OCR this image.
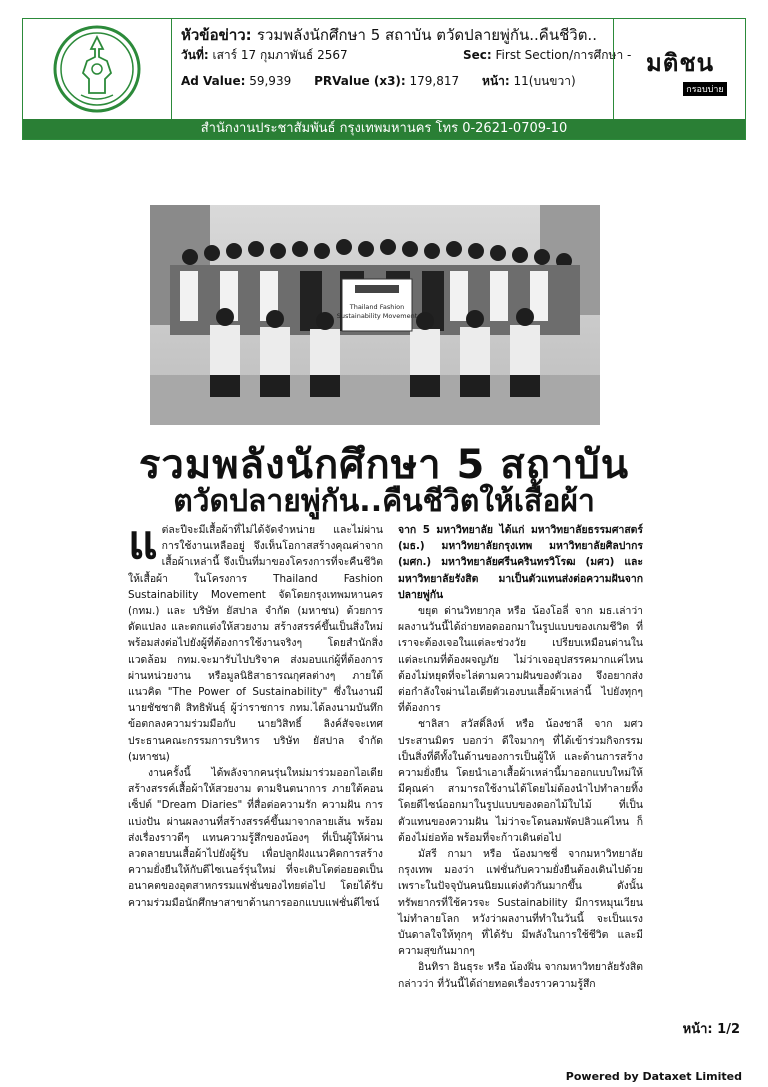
หัวข้อข่าว: รวมพลังนักศึกษา 5 สถาบัน ตวัดปลายพู่กัน..คืนชีวิต..
วันที่: เสาร์ 17 กุมภาพันธ์ 2567	Sec: First Section/การศึกษา -
Ad Value: 59,939 PRValue (x3): 179,817 หน้า: 11(บนขวา)
มติชน
กรอบบ่าย
สำนักงานประชาสัมพันธ์ กรุงเทพมหานคร โทร 0-2621-0709-10
Thailand Fashion
Sustainability Movement
รวมพลังนักศึกษา 5 สถาบัน
ตวัดปลายพู่กัน..คืนชีวิตให้เสื้อผ้า
แ ต่ละปีจะมีเสื้อผ้าที่ไม่ได้จัดจำหน่าย และไม่ผ่านการใช้งานเหลืออยู่ จึงเห็นโอกาสสร้างคุณค่าจากเสื้อผ้าเหล่านี้ จึงเป็นที่มาของโครงการที่จะคืนชีวิตให้เสื้อผ้า ในโครงการ Thailand Fashion Sustainability Movement จัดโดยกรุงเทพมหานคร (กทม.) และ บริษัท ยัสปาล จำกัด (มหาชน) ด้วยการดัดแปลง และตกแต่งให้สวยงาม สร้างสรรค์ขึ้นเป็นสิ่งใหม่ พร้อมส่งต่อไปยังผู้ที่ต้องการใช้งานจริงๆ โดยสำนักสิ่งแวดล้อม กทม.จะมารับไปบริจาค ส่งมอบแก่ผู้ที่ต้องการผ่านหน่วยงาน หรือมูลนิธิสาธารณกุศลต่างๆ ภายใต้แนวคิด "The Power of Sustainability" ซึ่งในงานมีนายชัชชาติ สิทธิพันธุ์ ผู้ว่าราชการ กทม.ได้ลงนามบันทึกข้อตกลงความร่วมมือกับ นายวิสิทธิ์ ลิงค์สัจจะเทศ ประธานคณะกรรมการบริหาร บริษัท ยัสปาล จำกัด (มหาชน)

งานครั้งนี้ ได้พลังจากคนรุ่นใหม่มาร่วมออกไอเดีย สร้างสรรค์เสื้อผ้าให้สวยงาม ตามจินตนาการ ภายใต้คอนเซ็ปต์ "Dream Diaries" ที่สื่อต่อความรัก ความฝัน การแบ่งปัน ผ่านผลงานที่สร้างสรรค์ขึ้นมาจากลายเส้น พร้อมส่งเรื่องราวดีๆ แทนความรู้สึกของน้องๆ ที่เป็นผู้ให้ผ่านลวดลายบนเสื้อผ้าไปยังผู้รับ เพื่อปลูกฝังแนวคิดการสร้างความยั่งยืนให้กับดีไซเนอร์รุ่นใหม่ ที่จะเติบโตต่อยอดเป็นอนาคตของอุตสาหกรรมแฟชั่นของไทยต่อไป โดยได้รับความร่วมมือนักศึกษาสาขาด้านการออกแบบแฟชั่นดีไซน์

จาก 5 มหาวิทยาลัย ได้แก่ มหาวิทยาลัยธรรมศาสตร์ (มธ.) มหาวิทยาลัยกรุงเทพ มหาวิทยาลัยศิลปากร (มศก.) มหาวิทยาลัยศรีนครินทรวิโรฒ (มศว) และมหาวิทยาลัยรังสิต มาเป็นตัวแทนส่งต่อความฝันจากปลายพู่กัน

ขยุต ด่านวิทยากุล หรือ น้องโอลี่ จาก มธ.เล่าว่า ผลงานวันนี้ได้ถ่ายทอดออกมาในรูปแบบของเกมชีวิต ที่เราจะต้องเจอในแต่ละช่วงวัย เปรียบเหมือนด่านในแต่ละเกมที่ต้องผจญภัย ไม่ว่าเจออุปสรรคมากแค่ไหน ต้องไม่หยุดที่จะไล่ตามความฝันของตัวเอง จึงอยากส่งต่อกำลังใจผ่านไอเดียตัวเองบนเสื้อผ้าเหล่านี้ ไปยังทุกๆ ที่ต้องการ

ชาลิสา สวัสดิ์ลิงห์ หรือ น้องชาลี จาก มศว ประสานมิตร บอกว่า ดีใจมากๆ ที่ได้เข้าร่วมกิจกรรม เป็นสิ่งที่ดีทั้งในด้านของการเป็นผู้ให้ และด้านการสร้างความยั่งยืน โดยนำเอาเสื้อผ้าเหล่านี้มาออกแบบใหม่ให้มีคุณค่า สามารถใช้งานได้โดยไม่ต้องนำไปทำลายทิ้ง โดยดีไซน์ออกมาในรูปแบบของดอกไม้ใบไม้ ที่เป็นตัวแทนของความฝัน ไม่ว่าจะโดนลมพัดปลิวแค่ไหน ก็ต้องไม่ย่อท้อ พร้อมที่จะก้าวเดินต่อไป

มัสรี กามา หรือ น้องมาซชี่ จากมหาวิทยาลัยกรุงเทพ มองว่า แฟชั่นกับความยั่งยืนต้องเดินไปด้วย เพราะในปัจจุบันคนนิยมแต่งตัวกันมากขึ้น ดังนั้น ทรัพยากรที่ใช้ควรจะ Sustainability มีการหมุนเวียน ไม่ทำลายโลก หวังว่าผลงานที่ทำในวันนี้ จะเป็นแรงบันดาลใจให้ทุกๆ ที่ได้รับ มีพลังในการใช้ชีวิต และมีความสุขกันมากๆ

อินทิรา อินธุระ หรือ น้องฝิ่น จากมหาวิทยาลัยรังสิต กล่าวว่า ที่วันนี้ได้ถ่ายทอดเรื่องราวความรู้สึก

หน้า: 1/2
Powered by Dataxet Limited
